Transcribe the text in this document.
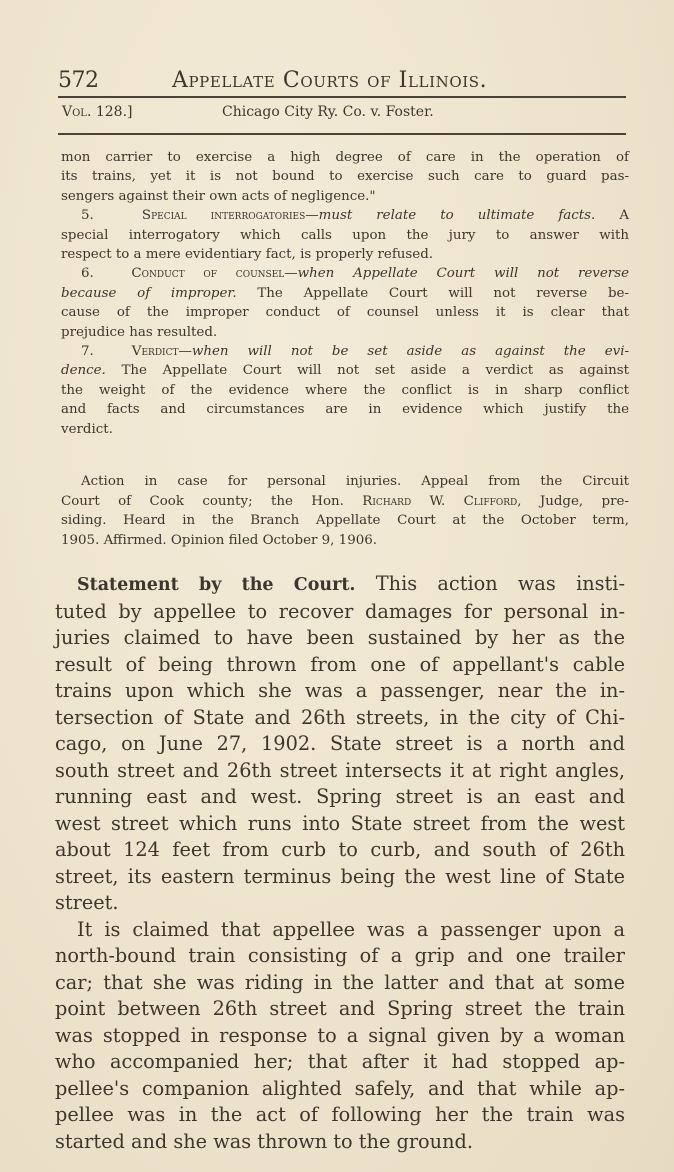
572	Appellate Courts of Illinois.
Vol. 128.]	Chicago City Ry. Co. v. Foster.
mon carrier to exercise a high degree of care in the operation of
its trains, yet it is not bound to exercise such care to guard pas-
sengers against their own acts of negligence."
5.	Special interrogatories—must relate to ultimate facts. A
special interrogatory which calls upon the jury to answer with
respect to a mere evidentiary fact, is properly refused.
6.	Conduct of counsel—when Appellate Court will not reverse
because of improper. The Appellate Court will not reverse be-
cause of the improper conduct of counsel unless it is clear that
prejudice has resulted.
7.	Verdict—when will not be set aside as against the evi-
dence. The Appellate Court will not set aside a verdict as against
the weight of the evidence where the conflict is in sharp conflict
and facts and circumstances are in evidence which justify the
verdict.
Action in case for personal injuries. Appeal from the Circuit
Court of Cook county; the Hon. Richard W. Clifford, Judge, pre-
siding. Heard in the Branch Appellate Court at the October term,
1905. Affirmed. Opinion filed October 9, 1906.
Statement by the Court. This action was insti-
tuted by appellee to recover damages for personal in-
juries claimed to have been sustained by her as the
result of being thrown from one of appellant's cable
trains upon which she was a passenger, near the in-
tersection of State and 26th streets, in the city of Chi-
cago, on June 27, 1902. State street is a north and
south street and 26th street intersects it at right angles,
running east and west. Spring street is an east and
west street which runs into State street from the west
about 124 feet from curb to curb, and south of 26th
street, its eastern terminus being the west line of State
street.
It is claimed that appellee was a passenger upon a
north-bound train consisting of a grip and one trailer
car; that she was riding in the latter and that at some
point between 26th street and Spring street the train
was stopped in response to a signal given by a woman
who accompanied her; that after it had stopped ap-
pellee's companion alighted safely, and that while ap-
pellee was in the act of following her the train was
started and she was thrown to the ground.
